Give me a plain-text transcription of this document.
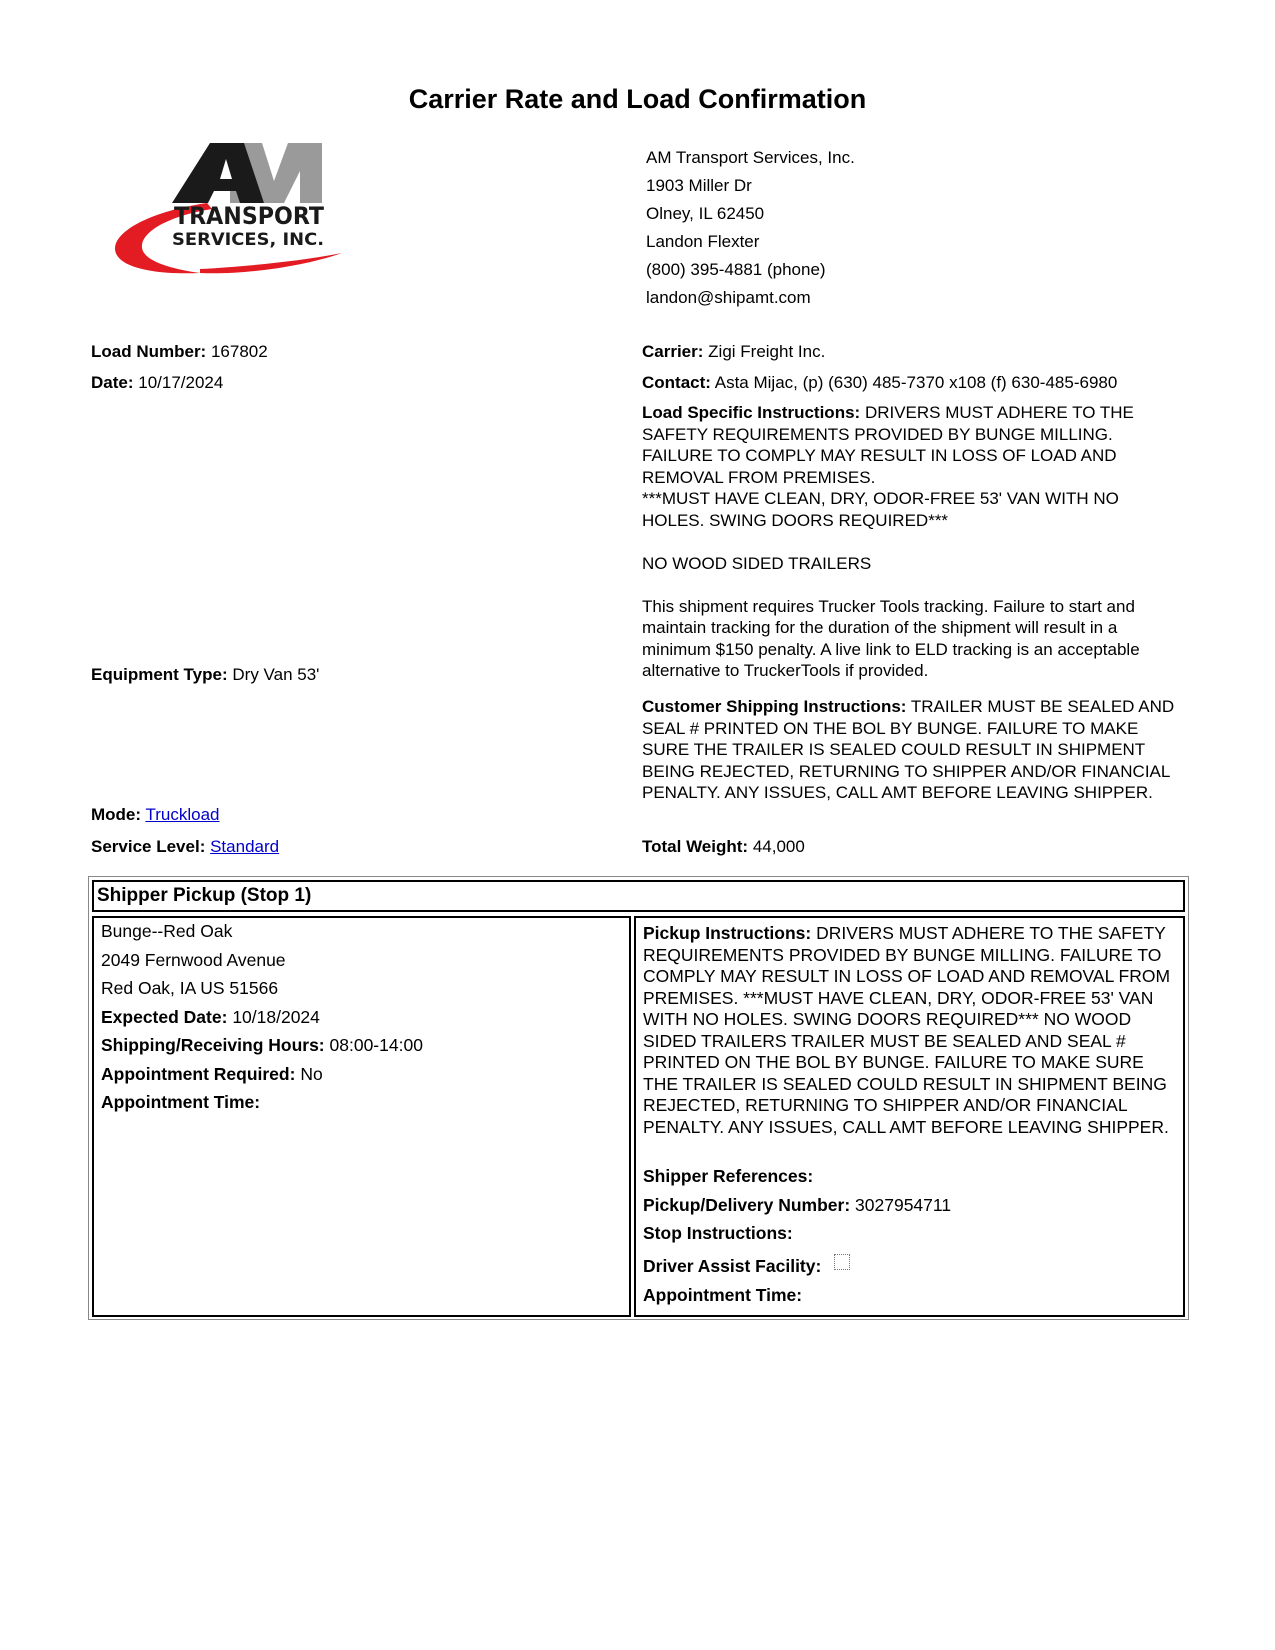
Carrier Rate and Load Confirmation
TRANSPORT
SERVICES, INC.
AM Transport Services, Inc.
1903 Miller Dr
Olney, IL 62450
Landon Flexter
(800) 395-4881 (phone)
landon@shipamt.com
Load Number: 167802
Date: 10/17/2024
Equipment Type: Dry Van 53'
Mode: Truckload
Service Level: Standard
Carrier: Zigi Freight Inc.
Contact: Asta Mijac, (p) (630) 485-7370 x108 (f) 630-485-6980
Load Specific Instructions: DRIVERS MUST ADHERE TO THE SAFETY REQUIREMENTS PROVIDED BY BUNGE MILLING. FAILURE TO COMPLY MAY RESULT IN LOSS OF LOAD AND REMOVAL FROM PREMISES.
***MUST HAVE CLEAN, DRY, ODOR-FREE 53' VAN WITH NO HOLES. SWING DOORS REQUIRED***
NO WOOD SIDED TRAILERS
This shipment requires Trucker Tools tracking. Failure to start and maintain tracking for the duration of the shipment will result in a minimum $150 penalty. A live link to ELD tracking is an acceptable alternative to TruckerTools if provided.
Customer Shipping Instructions: TRAILER MUST BE SEALED AND SEAL # PRINTED ON THE BOL BY BUNGE. FAILURE TO MAKE SURE THE TRAILER IS SEALED COULD RESULT IN SHIPMENT BEING REJECTED, RETURNING TO SHIPPER AND/OR FINANCIAL PENALTY. ANY ISSUES, CALL AMT BEFORE LEAVING SHIPPER.
Total Weight: 44,000
Shipper Pickup (Stop 1)
Bunge--Red Oak
2049 Fernwood Avenue
Red Oak, IA US 51566
Expected Date: 10/18/2024
Shipping/Receiving Hours: 08:00-14:00
Appointment Required: No
Appointment Time:
Pickup Instructions: DRIVERS MUST ADHERE TO THE SAFETY REQUIREMENTS PROVIDED BY BUNGE MILLING. FAILURE TO COMPLY MAY RESULT IN LOSS OF LOAD AND REMOVAL FROM PREMISES. ***MUST HAVE CLEAN, DRY, ODOR-FREE 53' VAN WITH NO HOLES. SWING DOORS REQUIRED*** NO WOOD SIDED TRAILERS TRAILER MUST BE SEALED AND SEAL # PRINTED ON THE BOL BY BUNGE. FAILURE TO MAKE SURE THE TRAILER IS SEALED COULD RESULT IN SHIPMENT BEING REJECTED, RETURNING TO SHIPPER AND/OR FINANCIAL PENALTY. ANY ISSUES, CALL AMT BEFORE LEAVING SHIPPER.
Shipper References:
Pickup/Delivery Number: 3027954711
Stop Instructions:
Driver Assist Facility:
Appointment Time:
